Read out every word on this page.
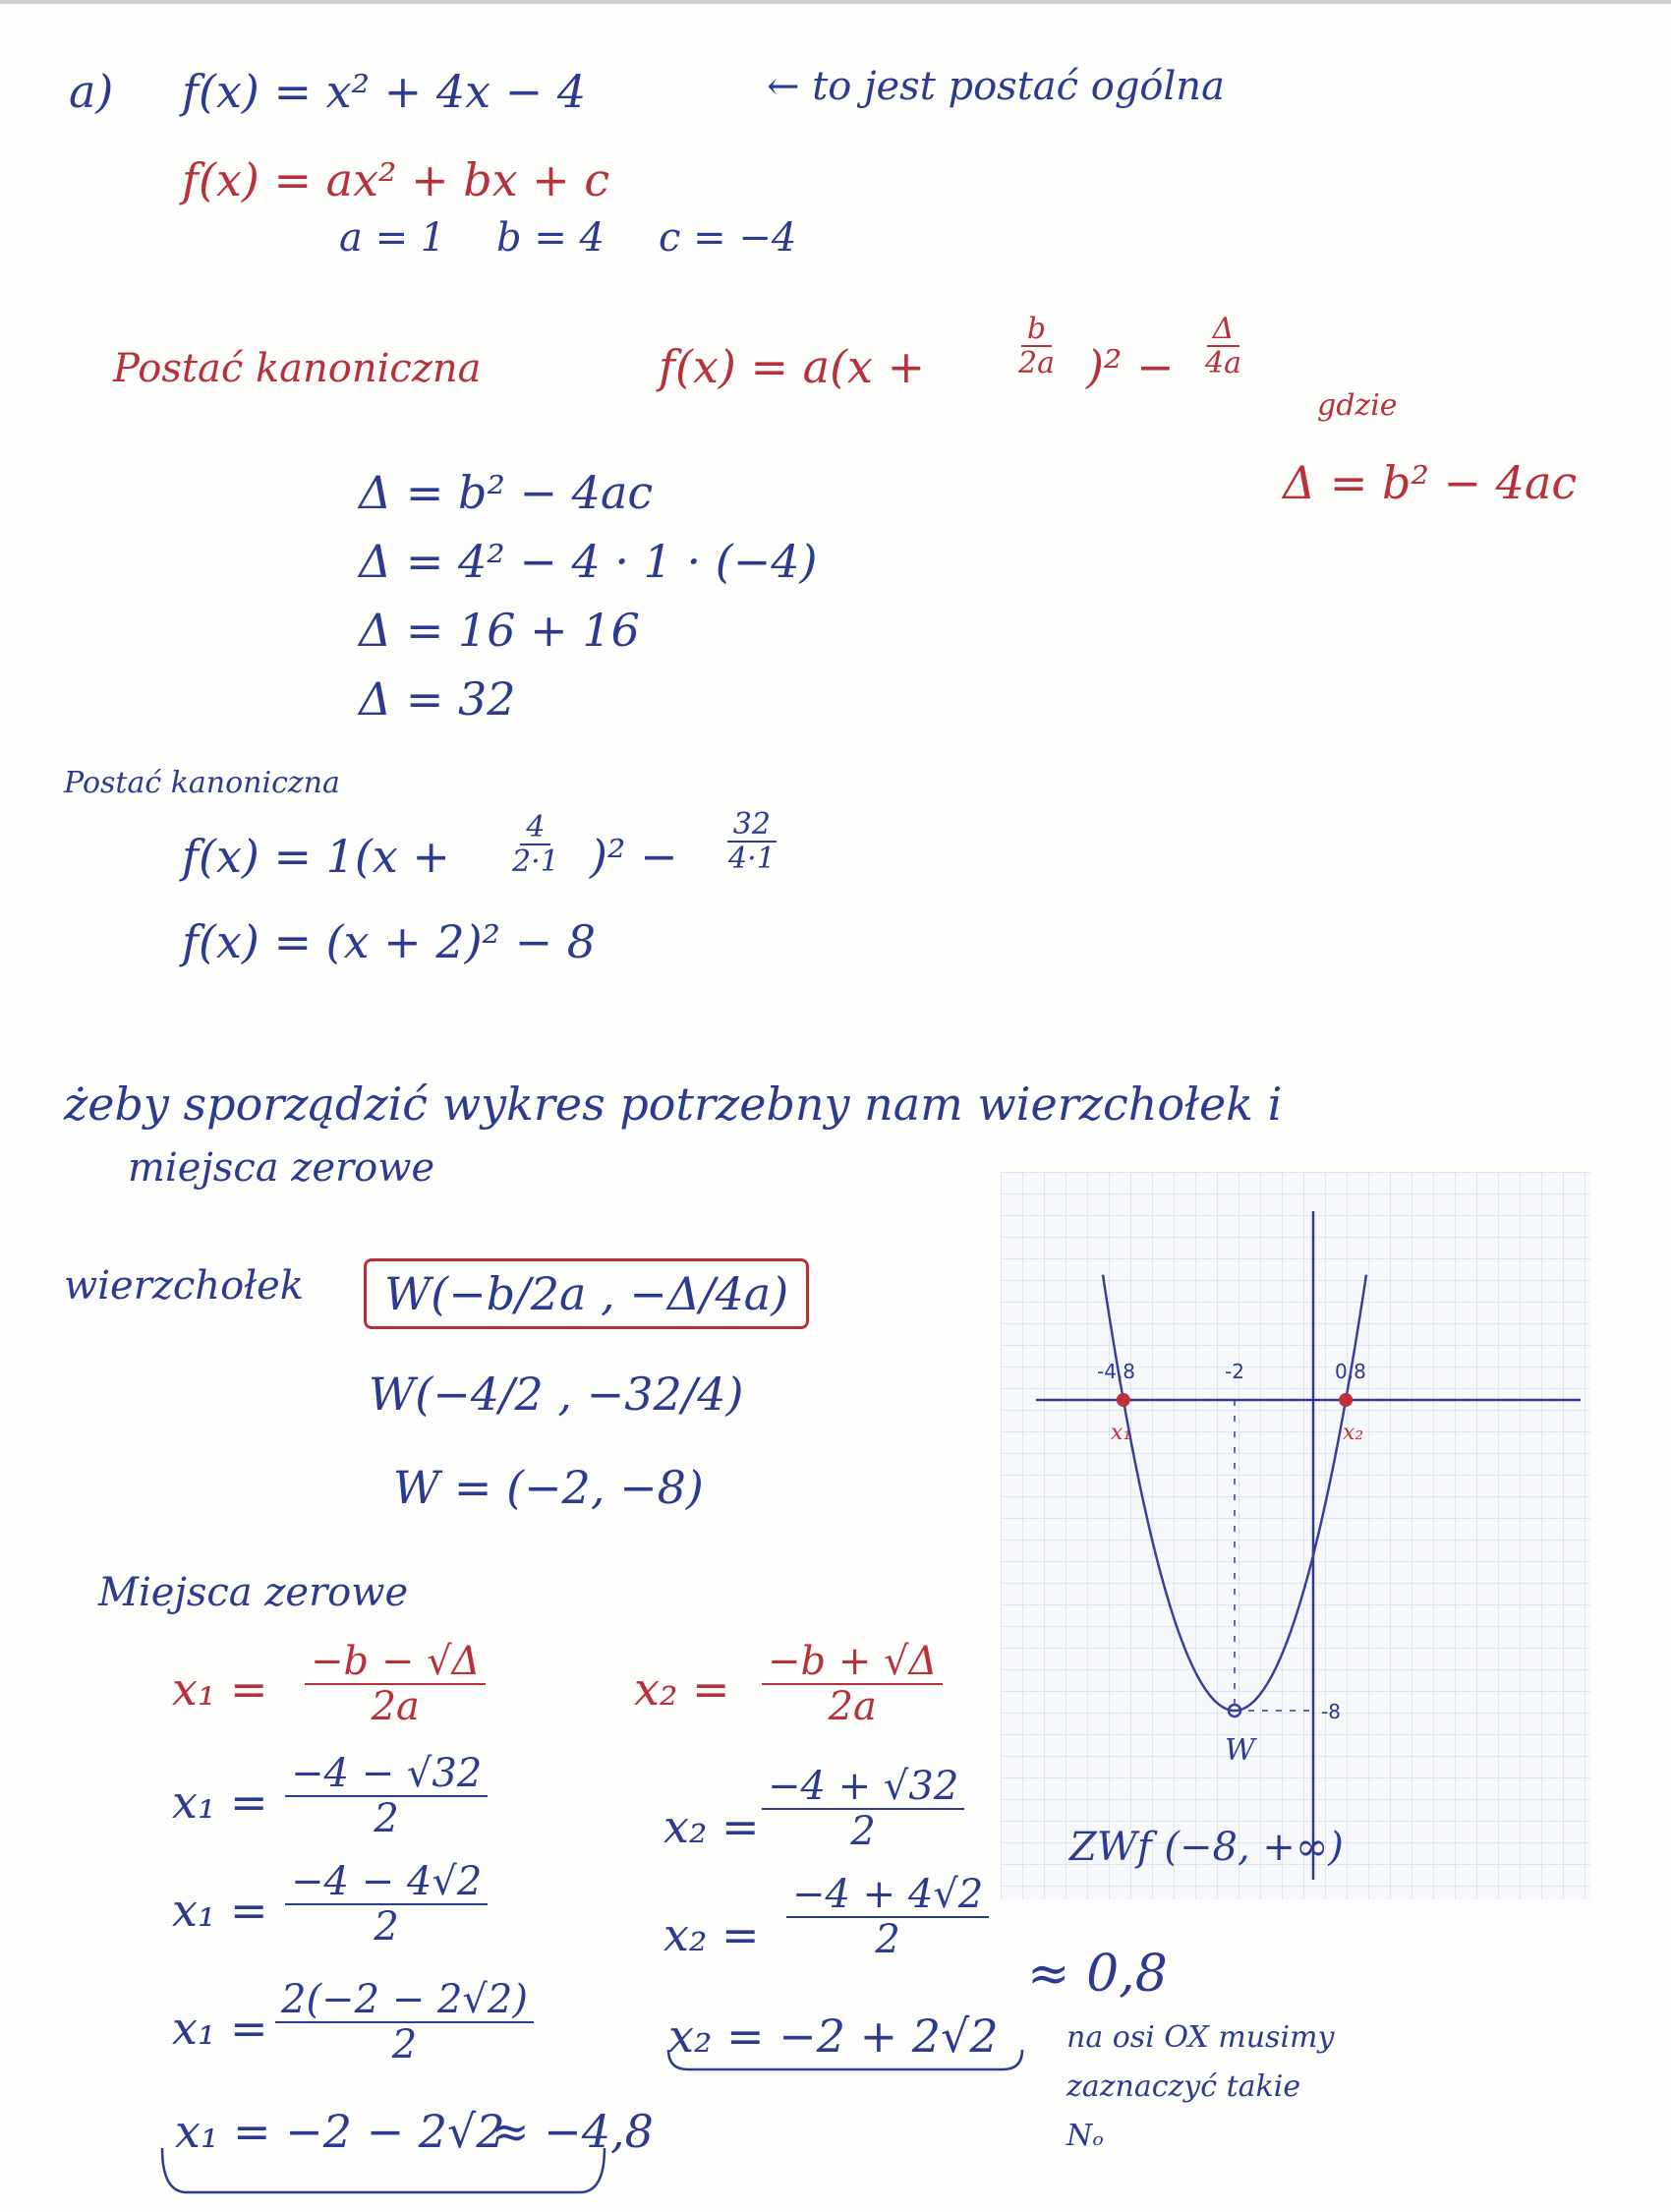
a) f(x) = x² + 4x − 4	← to jest postać ogólna
f(x) = ax² + bx + c
a = 1 b = 4 c = −4
Postać kanoniczna	f(x) = a(x +	$\frac{b}{2a} )^2 - \frac{\Delta}{4a}$
gdzie
Δ = b² − 4ac
Δ = b² − 4ac
Δ = 4² − 4 · 1 · (−4)
Δ = 16 + 16
Δ = 32
Postać kanoniczna
$f(x) = 1(x + \frac{4}{2\cdot 1} )^2 - \frac{32}{4\cdot 1}$
f(x) = (x + 2)² − 8
żeby sporządzić wykres potrzebny nam wierzchołek i
miejsca zerowe
wierzchołek	W(−b/2a , −Δ/4a)
W(−4/2 , −32/4)
W = (−2, −8)
Miejsca zerowe
$x_1 = \frac{-b - √\Delta}{2a}$
$x_1 = \frac{-4 - √32}{2}$
$x_1 = \frac{-4 - 4√2}{2}$
$x_1 = \frac{2(-2 - 2√2)}{2}$
x₁ = −2 − 2√2
≈ −4,8
$x_2 = \frac{-b + √\Delta}{2a}$
$x_2 = \frac{-4 + √32}{2}$
$x_2 = \frac{-4 + 4√2}{2}$
x₂ = −2 + 2√2
≈ 0,8
na osi OX musimy
zaznaczyć takie
Nₒ
-4,8	-2	0,8
x₁	x₂
-8
W
ZWf (−8, +∞)
